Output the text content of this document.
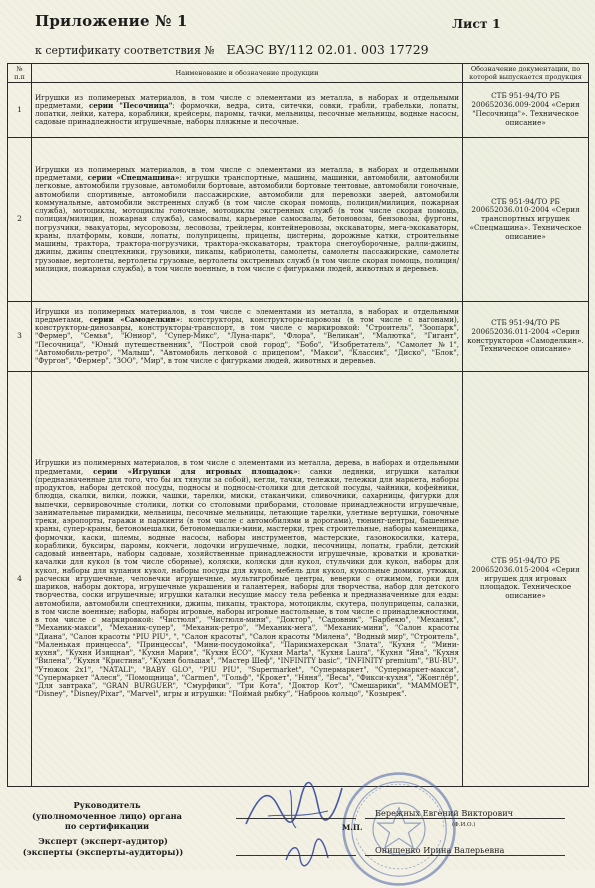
Приложение № 1	Лист 1
к сертификату соответствия № ЕАЭС BY/112 02.01. 003 17729
№
п.п	Наименование и обозначение продукции	Обозначение документации, по которой выпускается продукция
1	Игрушки из полимерных материалов, в том числе с элементами из металла, в наборах и отдельными предметами, серии "Песочница": формочки, ведра, сита, ситечки, совки, грабли, грабельки, лопаты, лопатки, лейки, катера, кораблики, крейсеры, паромы, тачки, мельницы, песочные мельницы, водные насосы, садовые принадлежности игрушечные, наборы пляжные и песочные.	СТБ 951-94/ТО РБ 200652036.009-2004 «Серия "Песочница"». Техническое описание»
2	Игрушки из полимерных материалов, в том числе с элементами из металла, в наборах и отдельными предметами, серии «Спецмашина»: игрушки транспортные, машины, машинки, автомобили, автомобили легковые, автомобили грузовые, автомобили бортовые, автомобили бортовые тентовые, автомобили гоночные, автомобили спортивные, автомобили пассажирские, автомобили для перевозки зверей, автомобили коммунальные, автомобили экстренных служб (в том числе скорая помощь, полиция/милиция, пожарная служба), мотоциклы, мотоциклы гоночные, мотоциклы экстренных служб (в том числе скорая помощь, полиция/милиция, пожарная служба), самосвалы, карьерные самосвалы, бетоновозы, бензовозы, фургоны, погрузчики, эвакуаторы, мусоровозы, лесовозы, трейлеры, контейнеровозы, экскаваторы, мега-экскаваторы, краны, платформы, ковши, лопаты, полуприцепы, прицепы, цистерны, дорожные катки, строительные машины, трактора, трактора-погрузчики, трактора-экскаваторы, трактора снегоуборочные, ралли-джипы, джипы, джипы спецтехники, грузовики, пикапы, кабриолеты, самолеты, самолеты пассажирские, самолеты грузовые, вертолеты, вертолеты грузовые, вертолеты экстренных служб (в том числе скорая помощь, полиция/милиция, пожарная служба), в том числе военные, в том числе с фигурками людей, животных и деревьев.	СТБ 951-94/ТО РБ 200652036.010-2004 «Серия транспортных игрушек «Спецмашина». Техническое описание»
3	Игрушки из полимерных материалов, в том числе с элементами из металла, в наборах и отдельными предметами, серии «Самоделкин»: конструкторы, конструкторы-паровозы (в том числе с вагонами), конструкторы-динозавры, конструкторы-транспорт, в том числе с маркировкой: "Строитель", "Зоопарк", "Фермер", "Семья", "Юниор", "Супер-Микс", "Луна-парк", "Флора", "Великан", "Малютка", "Гигант", "Песочница", "Юный путешественник", "Построй свой город", "Бобо", "Изобретатель", "Самолет №1", "Автомобиль-ретро", "Малыш", "Автомобиль легковой с прицепом", "Макси", "Классик", "Диско", "Блок", "Фургон", "Фермер", "ЗОО", "Мир", в том числе с фигурками людей, животных и деревьев.	СТБ 951-94/ТО РБ 200652036.011-2004 «Серия конструкторов «Самоделкин». Техническое описание»
4	Игрушки из полимерных материалов, в том числе с элементами из металла, дерева, в наборах и отдельными предметами, серии «Игрушки для игровых площадок»: санки ледянки, игрушки каталки (предназначенные для того, что бы их тянули за собой), кегли, тачки, тележки, тележки для маркета, наборы продуктов, наборы детской посуды, подносы и подносы-столики для детской посуды, чайники, кофейники, блюдца, скалки, вилки, ложки, чашки, тарелки, миски, стаканчики, сливочники, сахарницы, фигурки для выпечки, сервировочные столики, лотки со столовыми приборами, столовые принадлежности игрушечные, занимательные пирамидки, мельницы, песочные мельницы, летающие тарелки, улетные вертушки, гоночные треки, аэропорты, гаражи и паркинги (в том числе с автомобилями и дорогами), тюнинг-центры, башенные краны, супер-краны, бетономешалки, бетономешалки-мини, мастерки, трек строительные, наборы каменщика, формочки, каски, шлемы, водные насосы, наборы инструментов, мастерские, газонокосилки, катера, кораблики, буксиры, паромы, кокчеги, лодочки игрушечные, лодки, песочницы, лопаты, грабли, детский садовый инвентарь, наборы садовые, хозяйственные принадлежности игрушечные, кроватки и кроватки-качалки для кукол (в том числе сборные), коляски, коляски для кукол, стульчики для кукол, наборы для кукол, наборы для купания кукол, наборы посуды для кукол, мебель для кукол, кукольные домики, утюжки, расчески игрушечные, человечки игрушечные, мультигробные центры, веверки с отжимом, горки для шариков, наборы доктора, игрушечные украшения и галантерея, наборы для творчества, набор для детского творчества, соски игрушечные; игрушки каталки несущие массу тела ребенка и предназначенные для езды: автомобили, автомобили спецтехники, джипы, пикапы, трактора, мотоциклы, скутера, полуприцепы, салазки, в том числе военные; наборы, наборы игровые, наборы игровые настольные, в том числе с принадлежностями, в том числе с маркировкой: "Чистюля", "Чистюля-мини", "Доктор", "Садовник", "Барбекю", "Механик", "Механик-макси", "Механик-супер", "Механик-ретро", "Механик-мега", "Механик-мини", "Салон красоты "Диана", "Салон красоты "PIU PIU", ", "Салон красоты", "Салон красоты "Милена", "Водный мир", "Строитель", "Маленькая принцесса", "Принцессы", "Мини-посудомойка", "Парикмахерская "Злата", "Кухня ", "Мини-кухня", "Кухня Изящная", "Кухня Мария", "Кухня ECO", "Кухня Marta", "Кухня Laura", "Кухня "Яна", "Кухня "Вилена", "Кухня "Кристина", "Кухня большая", "Мастер Шеф", "INFINITY basic", "INFINITY premium", "BU-BU", "Утюжок 2x1", "NATALI", "BABY GLO", "PIU PIU", "Supermarket", "Супермаркет", "Супермаркет-макси", "Супермаркет "Алеся", "Помощница", "Carmen", "Гольф", "Крокет", "Няня", "Весы", "Фикси-кухня", "Жонглёр", "Для завтрака", "GRAN BURGUER", "Смурфики", "Три Кота", "Доктор Кот", "Смешарики", "MAMMOET", "Disney", "Disney/Pixar", "Marvel", игры и игрушки: "Поймай рыбку", "Наброоь кольцо", "Козырек".	СТБ 951-94/ТО РБ 200652036.015-2004 «Серия игрушек для игровых площадок. Техническое описание»
Руководитель (уполномоченное лицо) органа по сертификации
Бережных Евгений Викторович
(Ф.И.О.)
М.П.
Эксперт (эксперт-аудитор) (эксперты (эксперты-аудиторы))	Онищенко Ирина Валерьевна
